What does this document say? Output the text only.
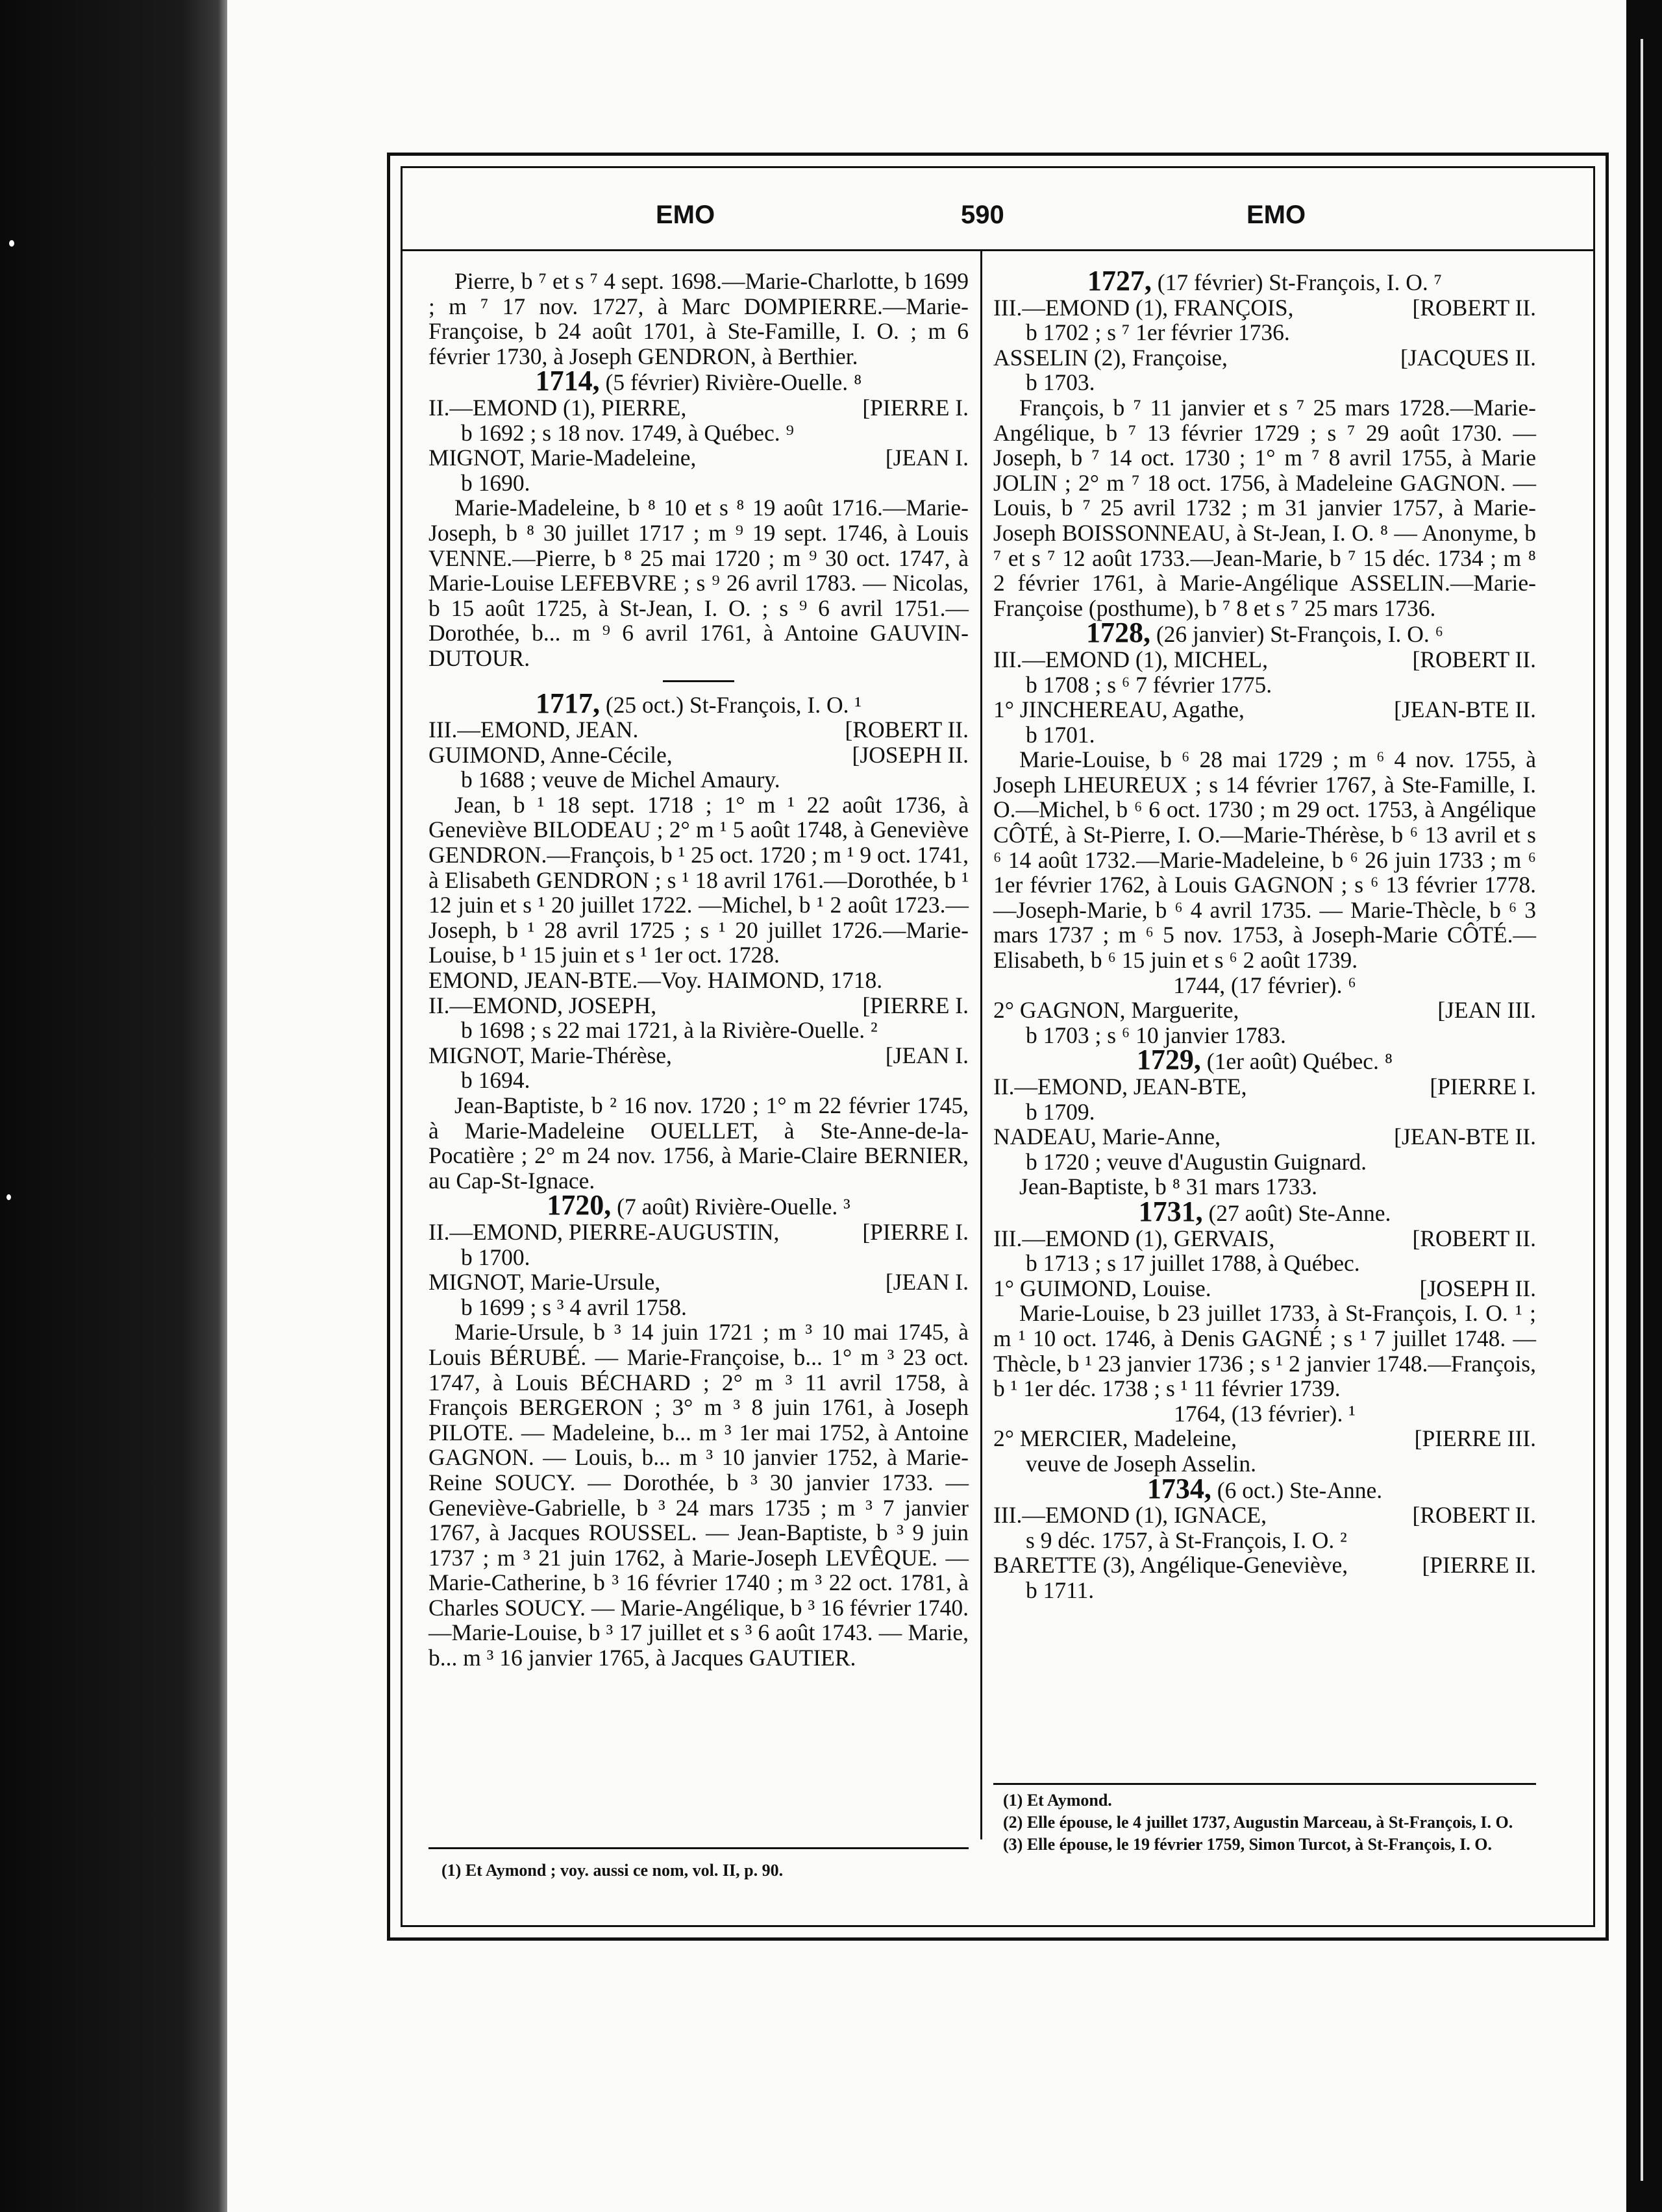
EMO	590	EMO

Pierre, b ⁷ et s ⁷ 4 sept. 1698.—Marie-Charlotte, b 1699 ; m ⁷ 17 nov. 1727, à Marc DOMPIERRE.—Marie-Françoise, b 24 août 1701, à Ste-Famille, I. O. ; m 6 février 1730, à Joseph GENDRON, à Berthier.

1714, (5 février) Rivière-Ouelle. ⁸

II.—EMOND (1), PIERRE,	[PIERRE I.

b 1692 ; s 18 nov. 1749, à Québec. ⁹

MIGNOT, Marie-Madeleine,	[JEAN I.

b 1690.

Marie-Madeleine, b ⁸ 10 et s ⁸ 19 août 1716.—Marie-Joseph, b ⁸ 30 juillet 1717 ; m ⁹ 19 sept. 1746, à Louis VENNE.—Pierre, b ⁸ 25 mai 1720 ; m ⁹ 30 oct. 1747, à Marie-Louise LEFEBVRE ; s ⁹ 26 avril 1783. — Nicolas, b 15 août 1725, à St-Jean, I. O. ; s ⁹ 6 avril 1751.—Dorothée, b... m ⁹ 6 avril 1761, à Antoine GAUVIN-DUTOUR.

1717, (25 oct.) St-François, I. O. ¹

III.—EMOND, JEAN.	[ROBERT II.

GUIMOND, Anne-Cécile,	[JOSEPH II.

b 1688 ; veuve de Michel Amaury.

Jean, b ¹ 18 sept. 1718 ; 1° m ¹ 22 août 1736, à Geneviève BILODEAU ; 2° m ¹ 5 août 1748, à Geneviève GENDRON.—François, b ¹ 25 oct. 1720 ; m ¹ 9 oct. 1741, à Elisabeth GENDRON ; s ¹ 18 avril 1761.—Dorothée, b ¹ 12 juin et s ¹ 20 juillet 1722. —Michel, b ¹ 2 août 1723.—Joseph, b ¹ 28 avril 1725 ; s ¹ 20 juillet 1726.—Marie-Louise, b ¹ 15 juin et s ¹ 1er oct. 1728.

EMOND, JEAN-BTE.—Voy. HAIMOND, 1718.

II.—EMOND, JOSEPH,	[PIERRE I.

b 1698 ; s 22 mai 1721, à la Rivière-Ouelle. ²

MIGNOT, Marie-Thérèse,	[JEAN I.

b 1694.

Jean-Baptiste, b ² 16 nov. 1720 ; 1° m 22 février 1745, à Marie-Madeleine OUELLET, à Ste-Anne-de-la-Pocatière ; 2° m 24 nov. 1756, à Marie-Claire BERNIER, au Cap-St-Ignace.

1720, (7 août) Rivière-Ouelle. ³

II.—EMOND, PIERRE-AUGUSTIN,	[PIERRE I.

b 1700.

MIGNOT, Marie-Ursule,	[JEAN I.

b 1699 ; s ³ 4 avril 1758.

Marie-Ursule, b ³ 14 juin 1721 ; m ³ 10 mai 1745, à Louis BÉRUBÉ. — Marie-Françoise, b... 1° m ³ 23 oct. 1747, à Louis BÉCHARD ; 2° m ³ 11 avril 1758, à François BERGERON ; 3° m ³ 8 juin 1761, à Joseph PILOTE. — Madeleine, b... m ³ 1er mai 1752, à Antoine GAGNON. — Louis, b... m ³ 10 janvier 1752, à Marie-Reine SOUCY. — Dorothée, b ³ 30 janvier 1733. — Geneviève-Gabrielle, b ³ 24 mars 1735 ; m ³ 7 janvier 1767, à Jacques ROUSSEL. — Jean-Baptiste, b ³ 9 juin 1737 ; m ³ 21 juin 1762, à Marie-Joseph LEVÊQUE. — Marie-Catherine, b ³ 16 février 1740 ; m ³ 22 oct. 1781, à Charles SOUCY. — Marie-Angélique, b ³ 16 février 1740.—Marie-Louise, b ³ 17 juillet et s ³ 6 août 1743. — Marie, b... m ³ 16 janvier 1765, à Jacques GAUTIER.

1727, (17 février) St-François, I. O. ⁷

III.—EMOND (1), FRANÇOIS,	[ROBERT II.

b 1702 ; s ⁷ 1er février 1736.

ASSELIN (2), Françoise,	[JACQUES II.

b 1703.

François, b ⁷ 11 janvier et s ⁷ 25 mars 1728.—Marie-Angélique, b ⁷ 13 février 1729 ; s ⁷ 29 août 1730. — Joseph, b ⁷ 14 oct. 1730 ; 1° m ⁷ 8 avril 1755, à Marie JOLIN ; 2° m ⁷ 18 oct. 1756, à Madeleine GAGNON. — Louis, b ⁷ 25 avril 1732 ; m 31 janvier 1757, à Marie-Joseph BOISSONNEAU, à St-Jean, I. O. ⁸ — Anonyme, b ⁷ et s ⁷ 12 août 1733.—Jean-Marie, b ⁷ 15 déc. 1734 ; m ⁸ 2 février 1761, à Marie-Angélique ASSELIN.—Marie-Françoise (posthume), b ⁷ 8 et s ⁷ 25 mars 1736.

1728, (26 janvier) St-François, I. O. ⁶

III.—EMOND (1), MICHEL,	[ROBERT II.

b 1708 ; s ⁶ 7 février 1775.

1° JINCHEREAU, Agathe,	[JEAN-BTE II.

b 1701.

Marie-Louise, b ⁶ 28 mai 1729 ; m ⁶ 4 nov. 1755, à Joseph LHEUREUX ; s 14 février 1767, à Ste-Famille, I. O.—Michel, b ⁶ 6 oct. 1730 ; m 29 oct. 1753, à Angélique CÔTÉ, à St-Pierre, I. O.—Marie-Thérèse, b ⁶ 13 avril et s ⁶ 14 août 1732.—Marie-Madeleine, b ⁶ 26 juin 1733 ; m ⁶ 1er février 1762, à Louis GAGNON ; s ⁶ 13 février 1778.—Joseph-Marie, b ⁶ 4 avril 1735. — Marie-Thècle, b ⁶ 3 mars 1737 ; m ⁶ 5 nov. 1753, à Joseph-Marie CÔTÉ.—Elisabeth, b ⁶ 15 juin et s ⁶ 2 août 1739.

1744, (17 février). ⁶

2° GAGNON, Marguerite,	[JEAN III.

b 1703 ; s ⁶ 10 janvier 1783.

1729, (1er août) Québec. ⁸

II.—EMOND, JEAN-BTE,	[PIERRE I.

b 1709.

NADEAU, Marie-Anne,	[JEAN-BTE II.

b 1720 ; veuve d'Augustin Guignard.

Jean-Baptiste, b ⁸ 31 mars 1733.

1731, (27 août) Ste-Anne.

III.—EMOND (1), GERVAIS,	[ROBERT II.

b 1713 ; s 17 juillet 1788, à Québec.

1° GUIMOND, Louise.	[JOSEPH II.

Marie-Louise, b 23 juillet 1733, à St-François, I. O. ¹ ; m ¹ 10 oct. 1746, à Denis GAGNÉ ; s ¹ 7 juillet 1748. — Thècle, b ¹ 23 janvier 1736 ; s ¹ 2 janvier 1748.—François, b ¹ 1er déc. 1738 ; s ¹ 11 février 1739.

1764, (13 février). ¹

2° MERCIER, Madeleine,	[PIERRE III.

veuve de Joseph Asselin.

1734, (6 oct.) Ste-Anne.

III.—EMOND (1), IGNACE,	[ROBERT II.

s 9 déc. 1757, à St-François, I. O. ²

BARETTE (3), Angélique-Geneviève,	[PIERRE II.

b 1711.

(1) Et Aymond ; voy. aussi ce nom, vol. II, p. 90.

(1) Et Aymond.

(2) Elle épouse, le 4 juillet 1737, Augustin Marceau, à St-François, I. O.

(3) Elle épouse, le 19 février 1759, Simon Turcot, à St-François, I. O.
